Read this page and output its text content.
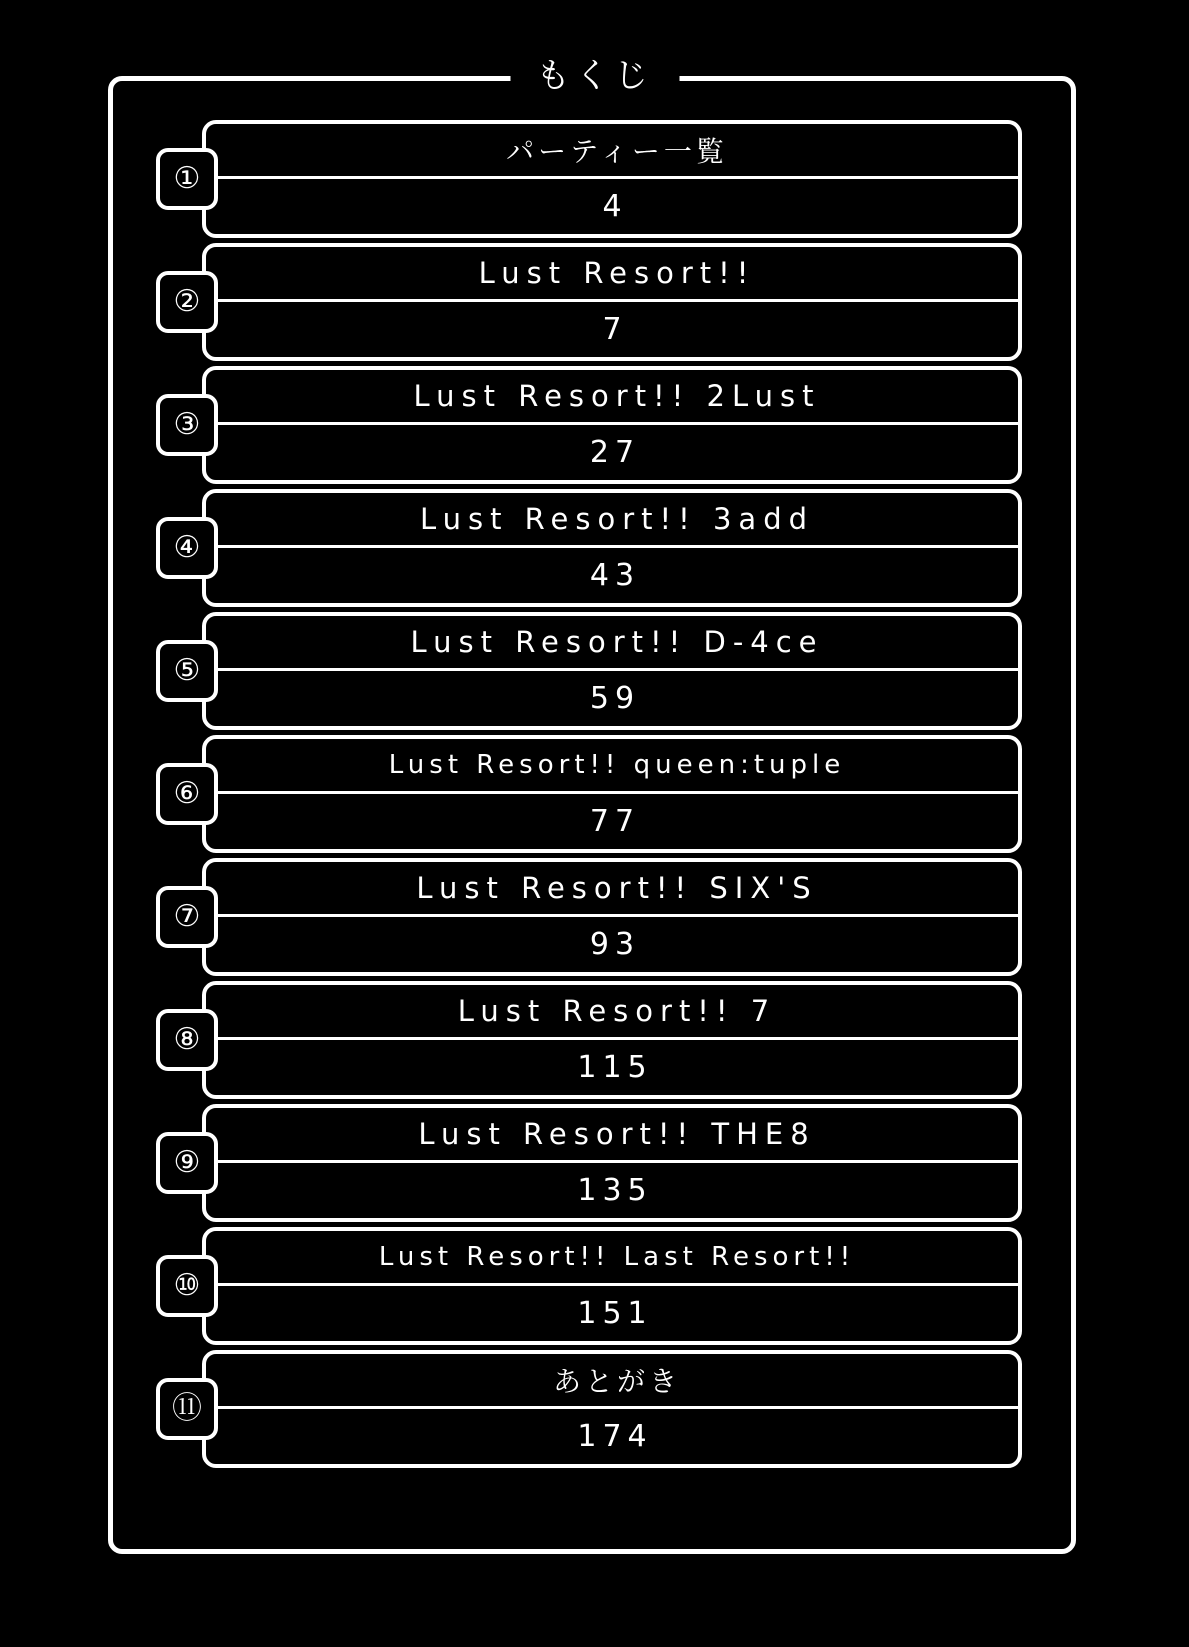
もくじ
①
パーティー一覧
4
②
Lust Resort!!
7
③
Lust Resort!! 2Lust
27
④
Lust Resort!! 3add
43
⑤
Lust Resort!! D-4ce
59
⑥
Lust Resort!! queen:tuple
77
⑦
Lust Resort!! SIX'S
93
⑧
Lust Resort!! 7
115
⑨
Lust Resort!! THE8
135
⑩
Lust Resort!! Last Resort!!
151
⑪
あとがき
174
